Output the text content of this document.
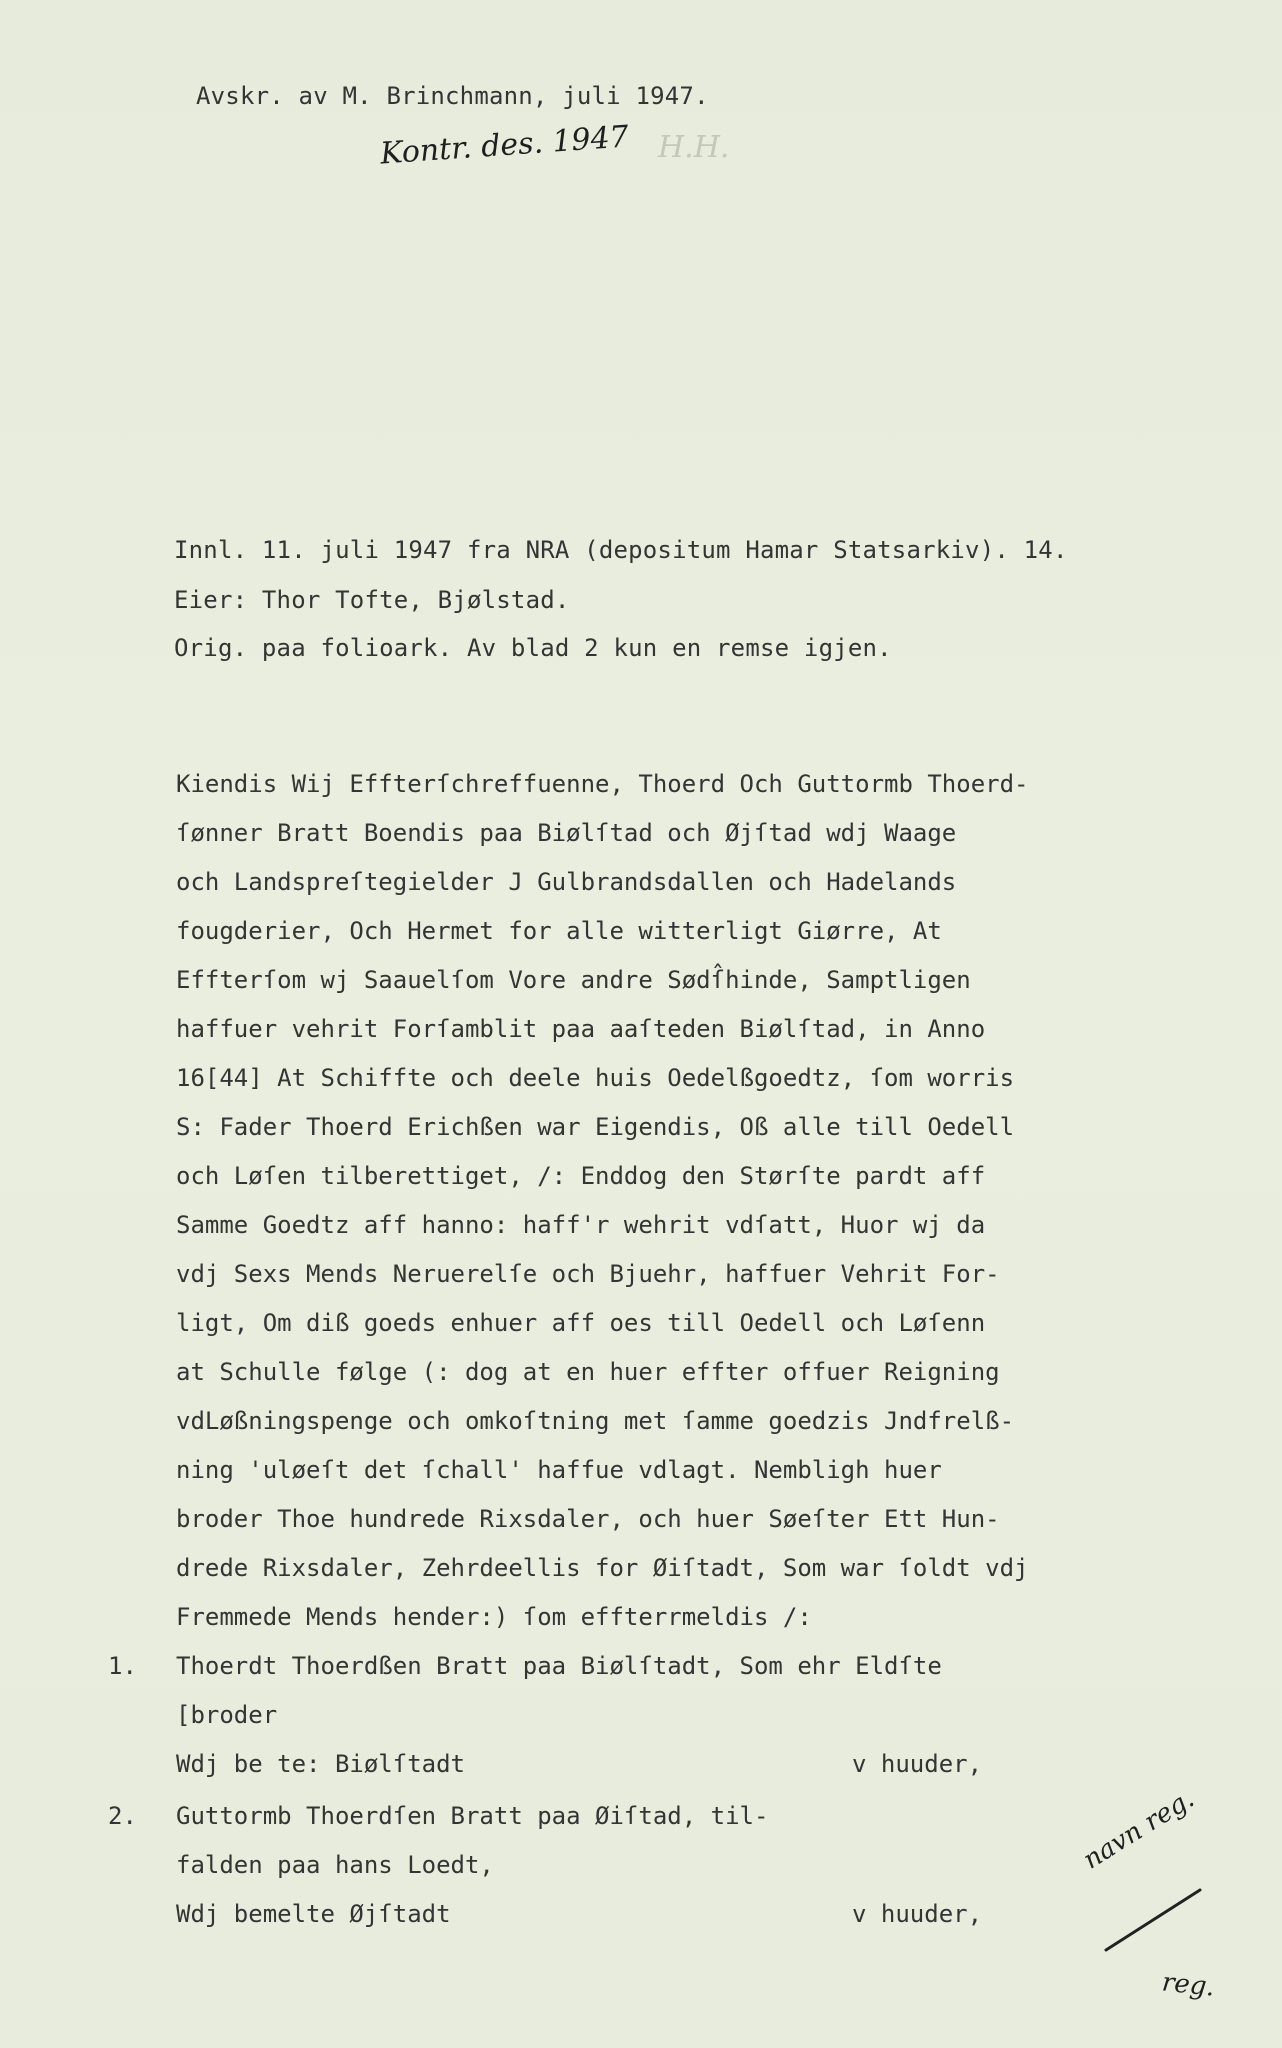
Avskr. av M. Brinchmann, juli 1947.
Kontr. des. 1947 H.H.
Innl. 11. juli 1947 fra NRA (depositum Hamar Statsarkiv). 14.
Eier: Thor Tofte, Bjølstad.
Orig. paa folioark. Av blad 2 kun en remse igjen.
Kiendis Wij Effterſchreffuenne, Thoerd Och Guttormb Thoerd-
ſønner Bratt Boendis paa Biølſtad och Øjſtad wdj Waage
och Landspreſtegielder J Gulbrandsdallen och Hadelands
fougderier, Och Hermet for alle witterligt Giørre, At
Effterſom wj Saauelſom Vore andre Sødſ̂hinde, Samptligen
haffuer vehrit Forſamblit paa aaſteden Biølſtad, in Anno
16[44] At Schiffte och deele huis Oedelßgoedtz, ſom worris
S: Fader Thoerd Erichßen war Eigendis, Oß alle till Oedell
och Løſen tilberettiget, /: Enddog den Størſte pardt aff
Samme Goedtz aff hanno: haff'r wehrit vdſatt, Huor wj da
vdj Sexs Mends Neruerelſe och Bjuehr, haffuer Vehrit For-
ligt, Om diß goeds enhuer aff oes till Oedell och Løſenn
at Schulle følge (: dog at en huer effter offuer Reigning
vdLøßningspenge och omkoſtning met ſamme goedzis Jndfrelß-
ning 'uløeſt det ſchall' haffue vdlagt. Nembligh huer
broder Thoe hundrede Rixsdaler, och huer Søeſter Ett Hun-
drede Rixsdaler, Zehrdeellis for Øiſtadt, Som war ſoldt vdj
Fremmede Mends hender:) ſom effterrmeldis /:
1. Thoerdt Thoerdßen Bratt paa Biølſtadt, Som ehr Eldſte
[broder
Wdj be te: Biølſtadt	v huuder,
2. Guttormb Thoerdſen Bratt paa Øiſtad, til-
falden paa hans Loedt,
Wdj bemelte Øjſtadt	v huuder,
navn reg.
reg.
